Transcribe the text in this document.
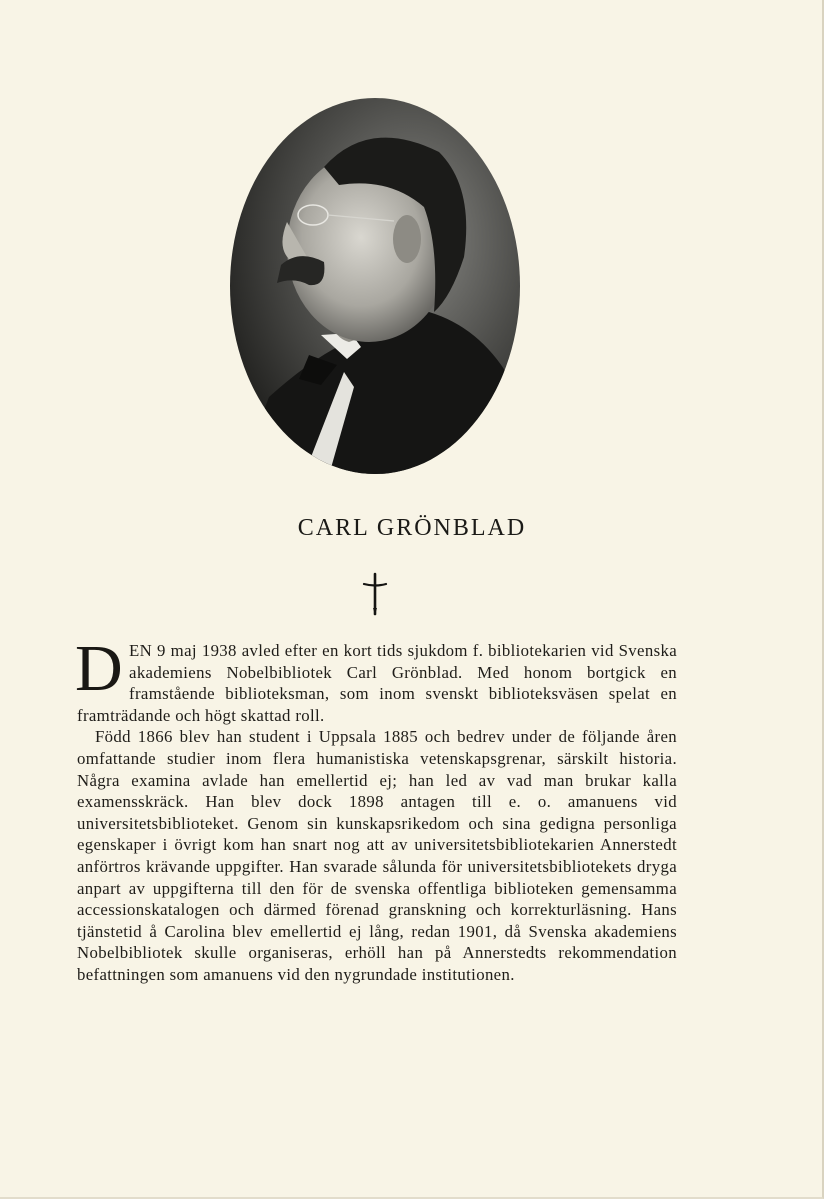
CARL GRÖNBLAD

DEN 9 maj 1938 avled efter en kort tids sjukdom f. bibliotekarien vid Svenska akademiens Nobelbibliotek Carl Grönblad. Med honom bortgick en framstående biblioteksman, som inom svenskt biblioteksväsen spelat en framträdande och högt skattad roll.

Född 1866 blev han student i Uppsala 1885 och bedrev under de följande åren omfattande studier inom flera humanistiska vetenskapsgrenar, särskilt historia. Några examina avlade han emellertid ej; han led av vad man brukar kalla examensskräck. Han blev dock 1898 antagen till e. o. amanuens vid universitetsbiblioteket. Genom sin kunskapsrikedom och sina gedigna personliga egenskaper i övrigt kom han snart nog att av universitetsbibliotekarien Annerstedt anförtros krävande uppgifter. Han svarade sålunda för universitetsbibliotekets dryga anpart av uppgifterna till den för de svenska offentliga biblioteken gemensamma accessionskatalogen och därmed förenad granskning och korrekturläsning. Hans tjänstetid å Carolina blev emellertid ej lång, redan 1901, då Svenska akademiens Nobelbibliotek skulle organiseras, erhöll han på Annerstedts rekommendation befattningen som amanuens vid den nygrundade institutionen.
